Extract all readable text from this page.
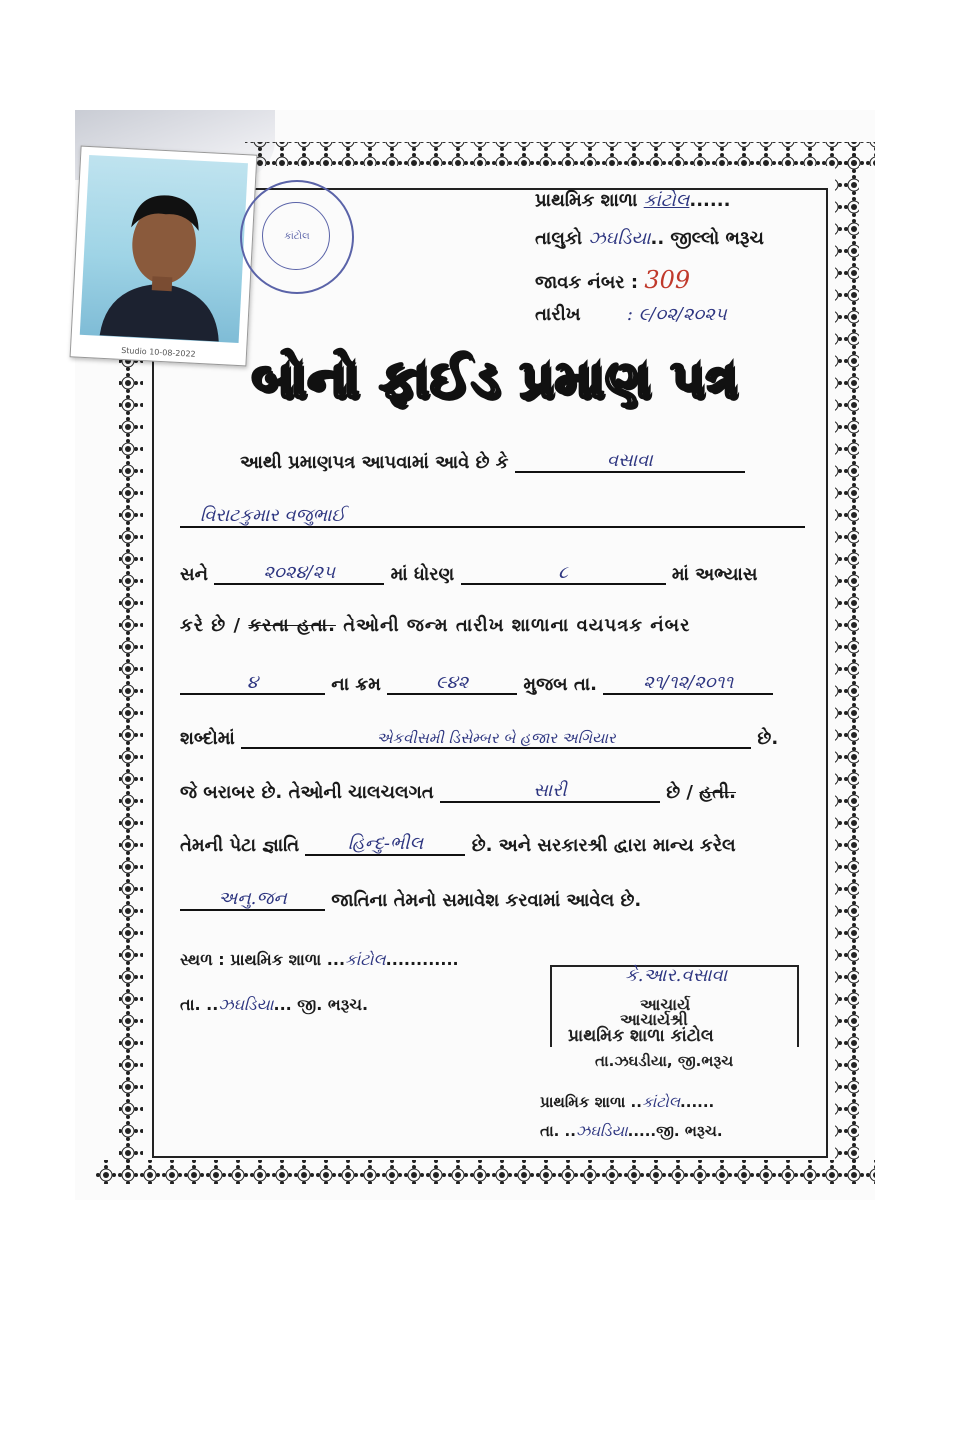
Studio 10-08-2022
કાંટોલ
પ્રાથમિક શાળા કાંટોલ......
તાલુકો ઝઘડિયા.. જીલ્લો ભરૂચ
જાવક નંબર : 309
તારીખ	: ૯/૦૨/૨૦૨૫
બોનો ફાઈડ પ્રમાણ પત્ર
આથી પ્રમાણપત્ર આપવામાં આવે છે કે	વસાવા
વિરાટકુમાર વજુભાઈ
સને	૨૦૨૪/૨૫	માં ધોરણ	૮	માં અભ્યાસ
કરે છે / કરતા હતા. તેઓની જન્મ તારીખ શાળાના વયપત્રક નંબર
૪	ના ક્રમ	૯૪૨	મુજબ તા.	૨૧/૧૨/૨૦૧૧
શબ્દોમાં	એકવીસમી ડિસેમ્બર બે હજાર અગિયાર	છે.
જે બરાબર છે. તેઓની ચાલચલગત	સારી	છે / હતી.
તેમની પેટા જ્ઞાતિ	હિન્દુ-ભીલ	છે. અને સરકારશ્રી દ્વારા માન્ય કરેલ
અનુ.જન જાતિના તેમનો સમાવેશ કરવામાં આવેલ છે.
સ્થળ : પ્રાથમિક શાળા ...કાંટોલ............
તા. ..ઝઘડિયા... જી. ભરૂચ.
કે.આર.વસાવા
આચાર્ય
આચાર્યશ્રી
પ્રાથમિક શાળા કાંટોલ
તા.ઝઘડીયા, જી.ભરૂચ
પ્રાથમિક શાળા ..કાંટોલ......
તા. ..ઝઘડિયા.....જી. ભરૂચ.
